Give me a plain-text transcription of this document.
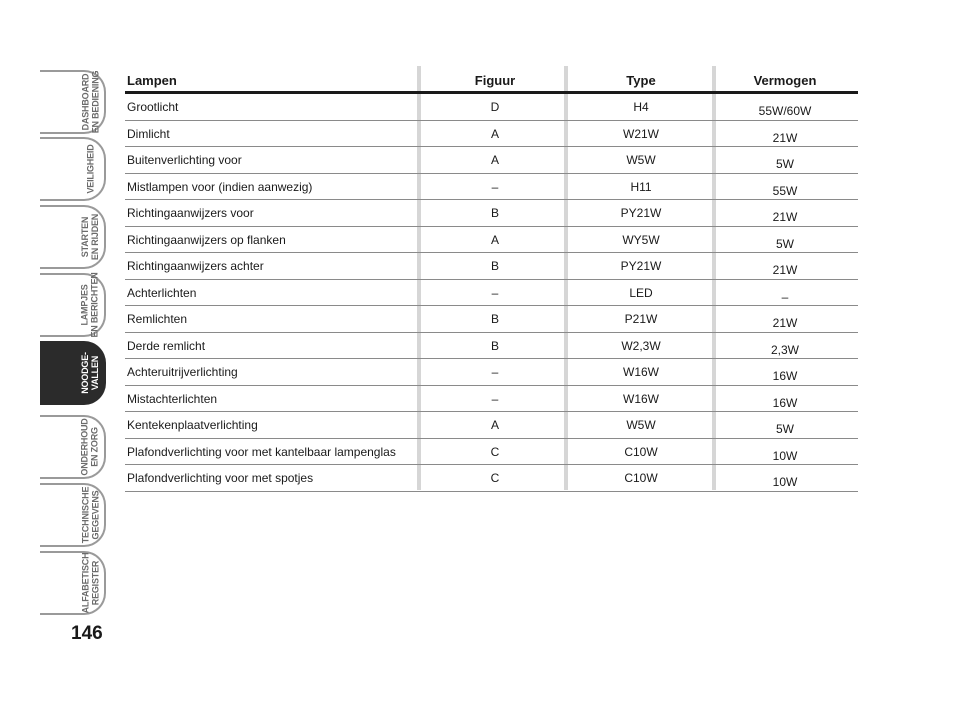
DASHBOARD
EN BEDIENING
VEILIGHEID
STARTEN
EN RIJDEN
LAMPJES
EN BERICHTEN
NOODGE-
VALLEN
ONDERHOUD
EN ZORG
TECHNISCHE
GEGEVENS
ALFABETISCH
REGISTER
146
Lampen	Figuur	Type	Vermogen
Grootlicht	D	H4	55W/60W
Dimlicht	A	W21W	21W
Buitenverlichting voor	A	W5W	5W
Mistlampen voor (indien aanwezig)	–	H11	55W
Richtingaanwijzers voor	B	PY21W	21W
Richtingaanwijzers op flanken	A	WY5W	5W
Richtingaanwijzers achter	B	PY21W	21W
Achterlichten	–	LED	–
Remlichten	B	P21W	21W
Derde remlicht	B	W2,3W	2,3W
Achteruitrijverlichting	–	W16W	16W
Mistachterlichten	–	W16W	16W
Kentekenplaatverlichting	A	W5W	5W
Plafondverlichting voor met kantelbaar lampenglas	C	C10W	10W
Plafondverlichting voor met spotjes	C	C10W	10W
